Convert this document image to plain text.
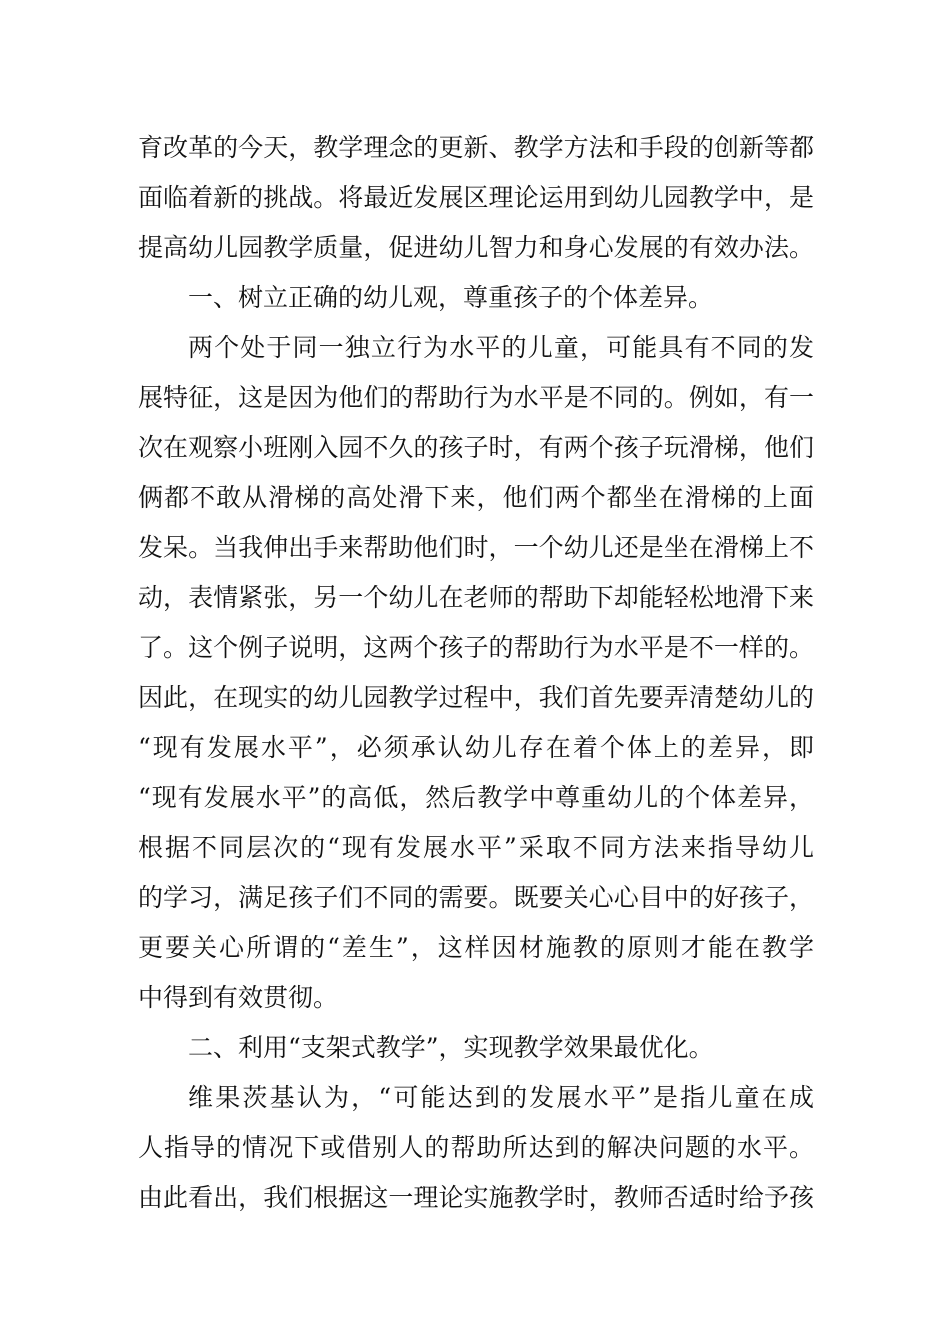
育改革的今天，教学理念的更新、教学方法和手段的创新等都
面临着新的挑战。将最近发展区理论运用到幼儿园教学中，是
提高幼儿园教学质量，促进幼儿智力和身心发展的有效办法。
一、树立正确的幼儿观，尊重孩子的个体差异。
两个处于同一独立行为水平的儿童，可能具有不同的发
展特征，这是因为他们的帮助行为水平是不同的。例如，有一
次在观察小班刚入园不久的孩子时，有两个孩子玩滑梯，他们
俩都不敢从滑梯的高处滑下来，他们两个都坐在滑梯的上面
发呆。当我伸出手来帮助他们时，一个幼儿还是坐在滑梯上不
动，表情紧张，另一个幼儿在老师的帮助下却能轻松地滑下来
了。这个例子说明，这两个孩子的帮助行为水平是不一样的。
因此，在现实的幼儿园教学过程中，我们首先要弄清楚幼儿的
“现有发展水平”，必须承认幼儿存在着个体上的差异，即
“现有发展水平”的高低，然后教学中尊重幼儿的个体差异，
根据不同层次的“现有发展水平”采取不同方法来指导幼儿
的学习，满足孩子们不同的需要。既要关心心目中的好孩子，
更要关心所谓的“差生”，这样因材施教的原则才能在教学
中得到有效贯彻。
二、利用“支架式教学”，实现教学效果最优化。
维果茨基认为，“可能达到的发展水平”是指儿童在成
人指导的情况下或借别人的帮助所达到的解决问题的水平。
由此看出，我们根据这一理论实施教学时，教师否适时给予孩
